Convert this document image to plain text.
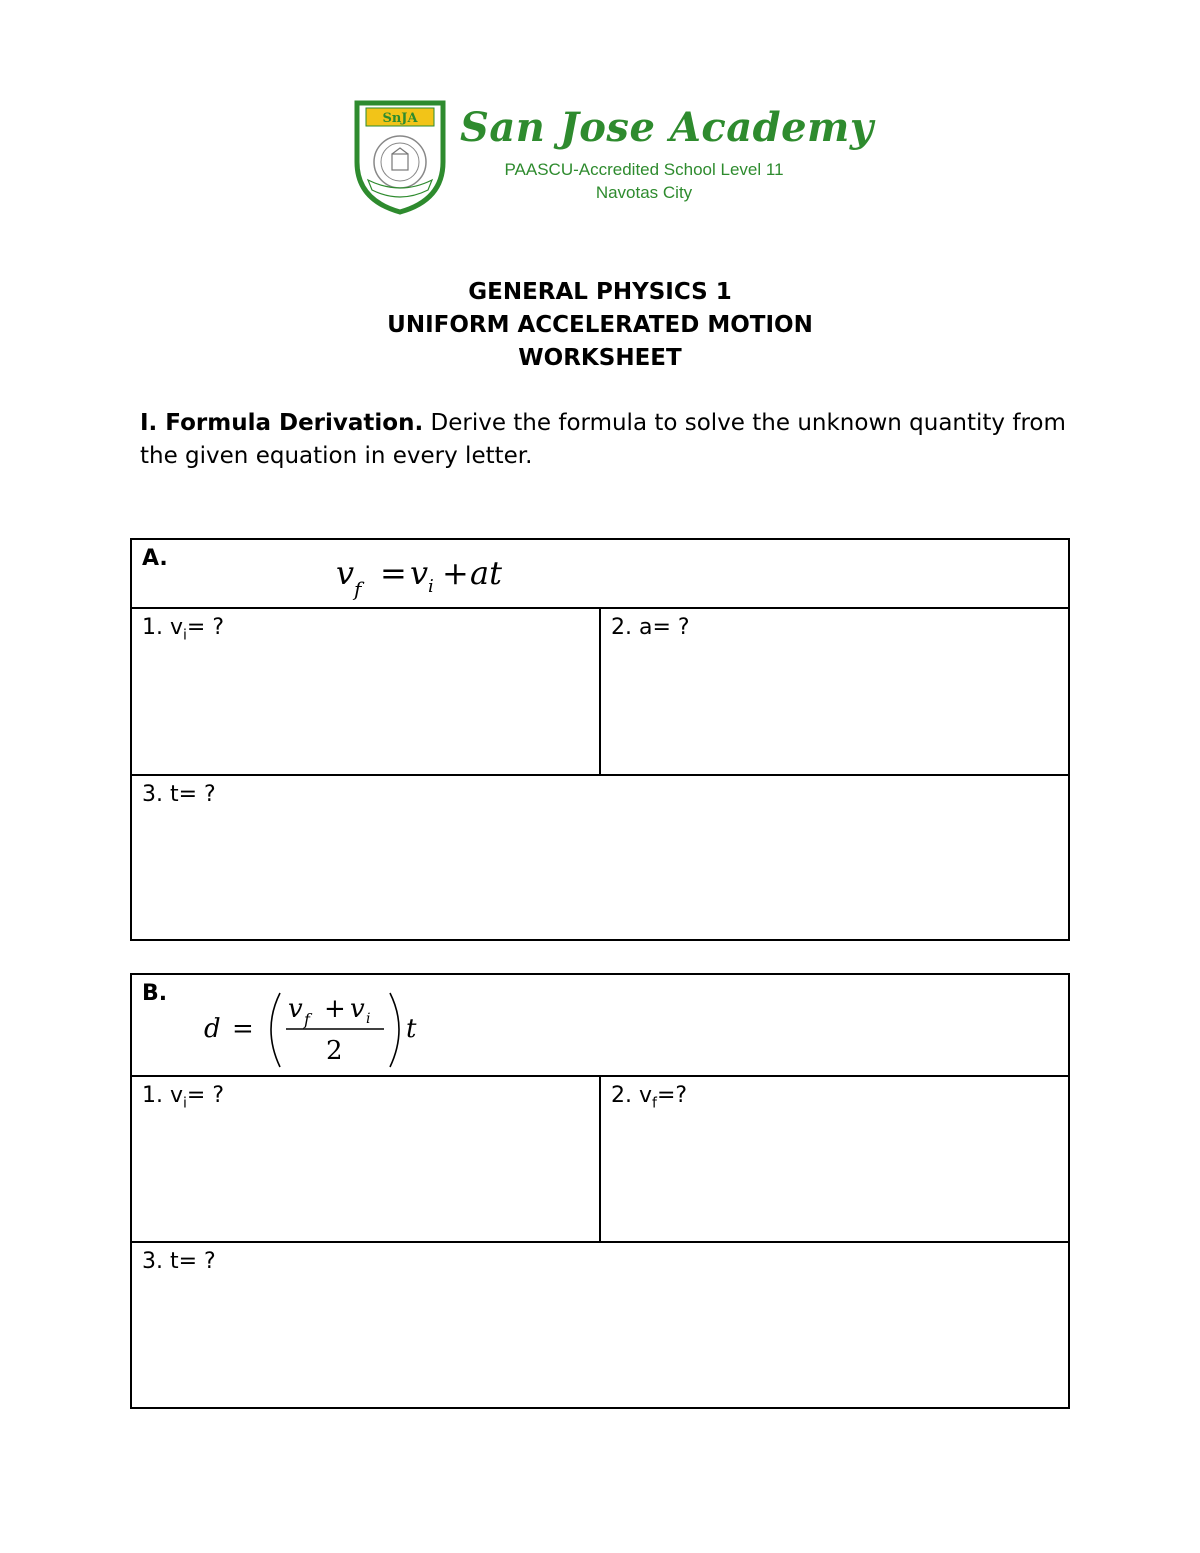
SnJA San Jose Academy
PAASCU-Accredited School Level 11
Navotas City
GENERAL PHYSICS 1
UNIFORM ACCELERATED MOTION
WORKSHEET
I. Formula Derivation. Derive the formula to solve the unknown quantity from the given equation in every letter.
A.	v f = v i + at
1. $v_i=$ ?	2. a= ?
3. t= ?
B.
d =
v f + v i
2
t
1. $v_i=$ ?	2. $v_f=$?
3. t= ?
